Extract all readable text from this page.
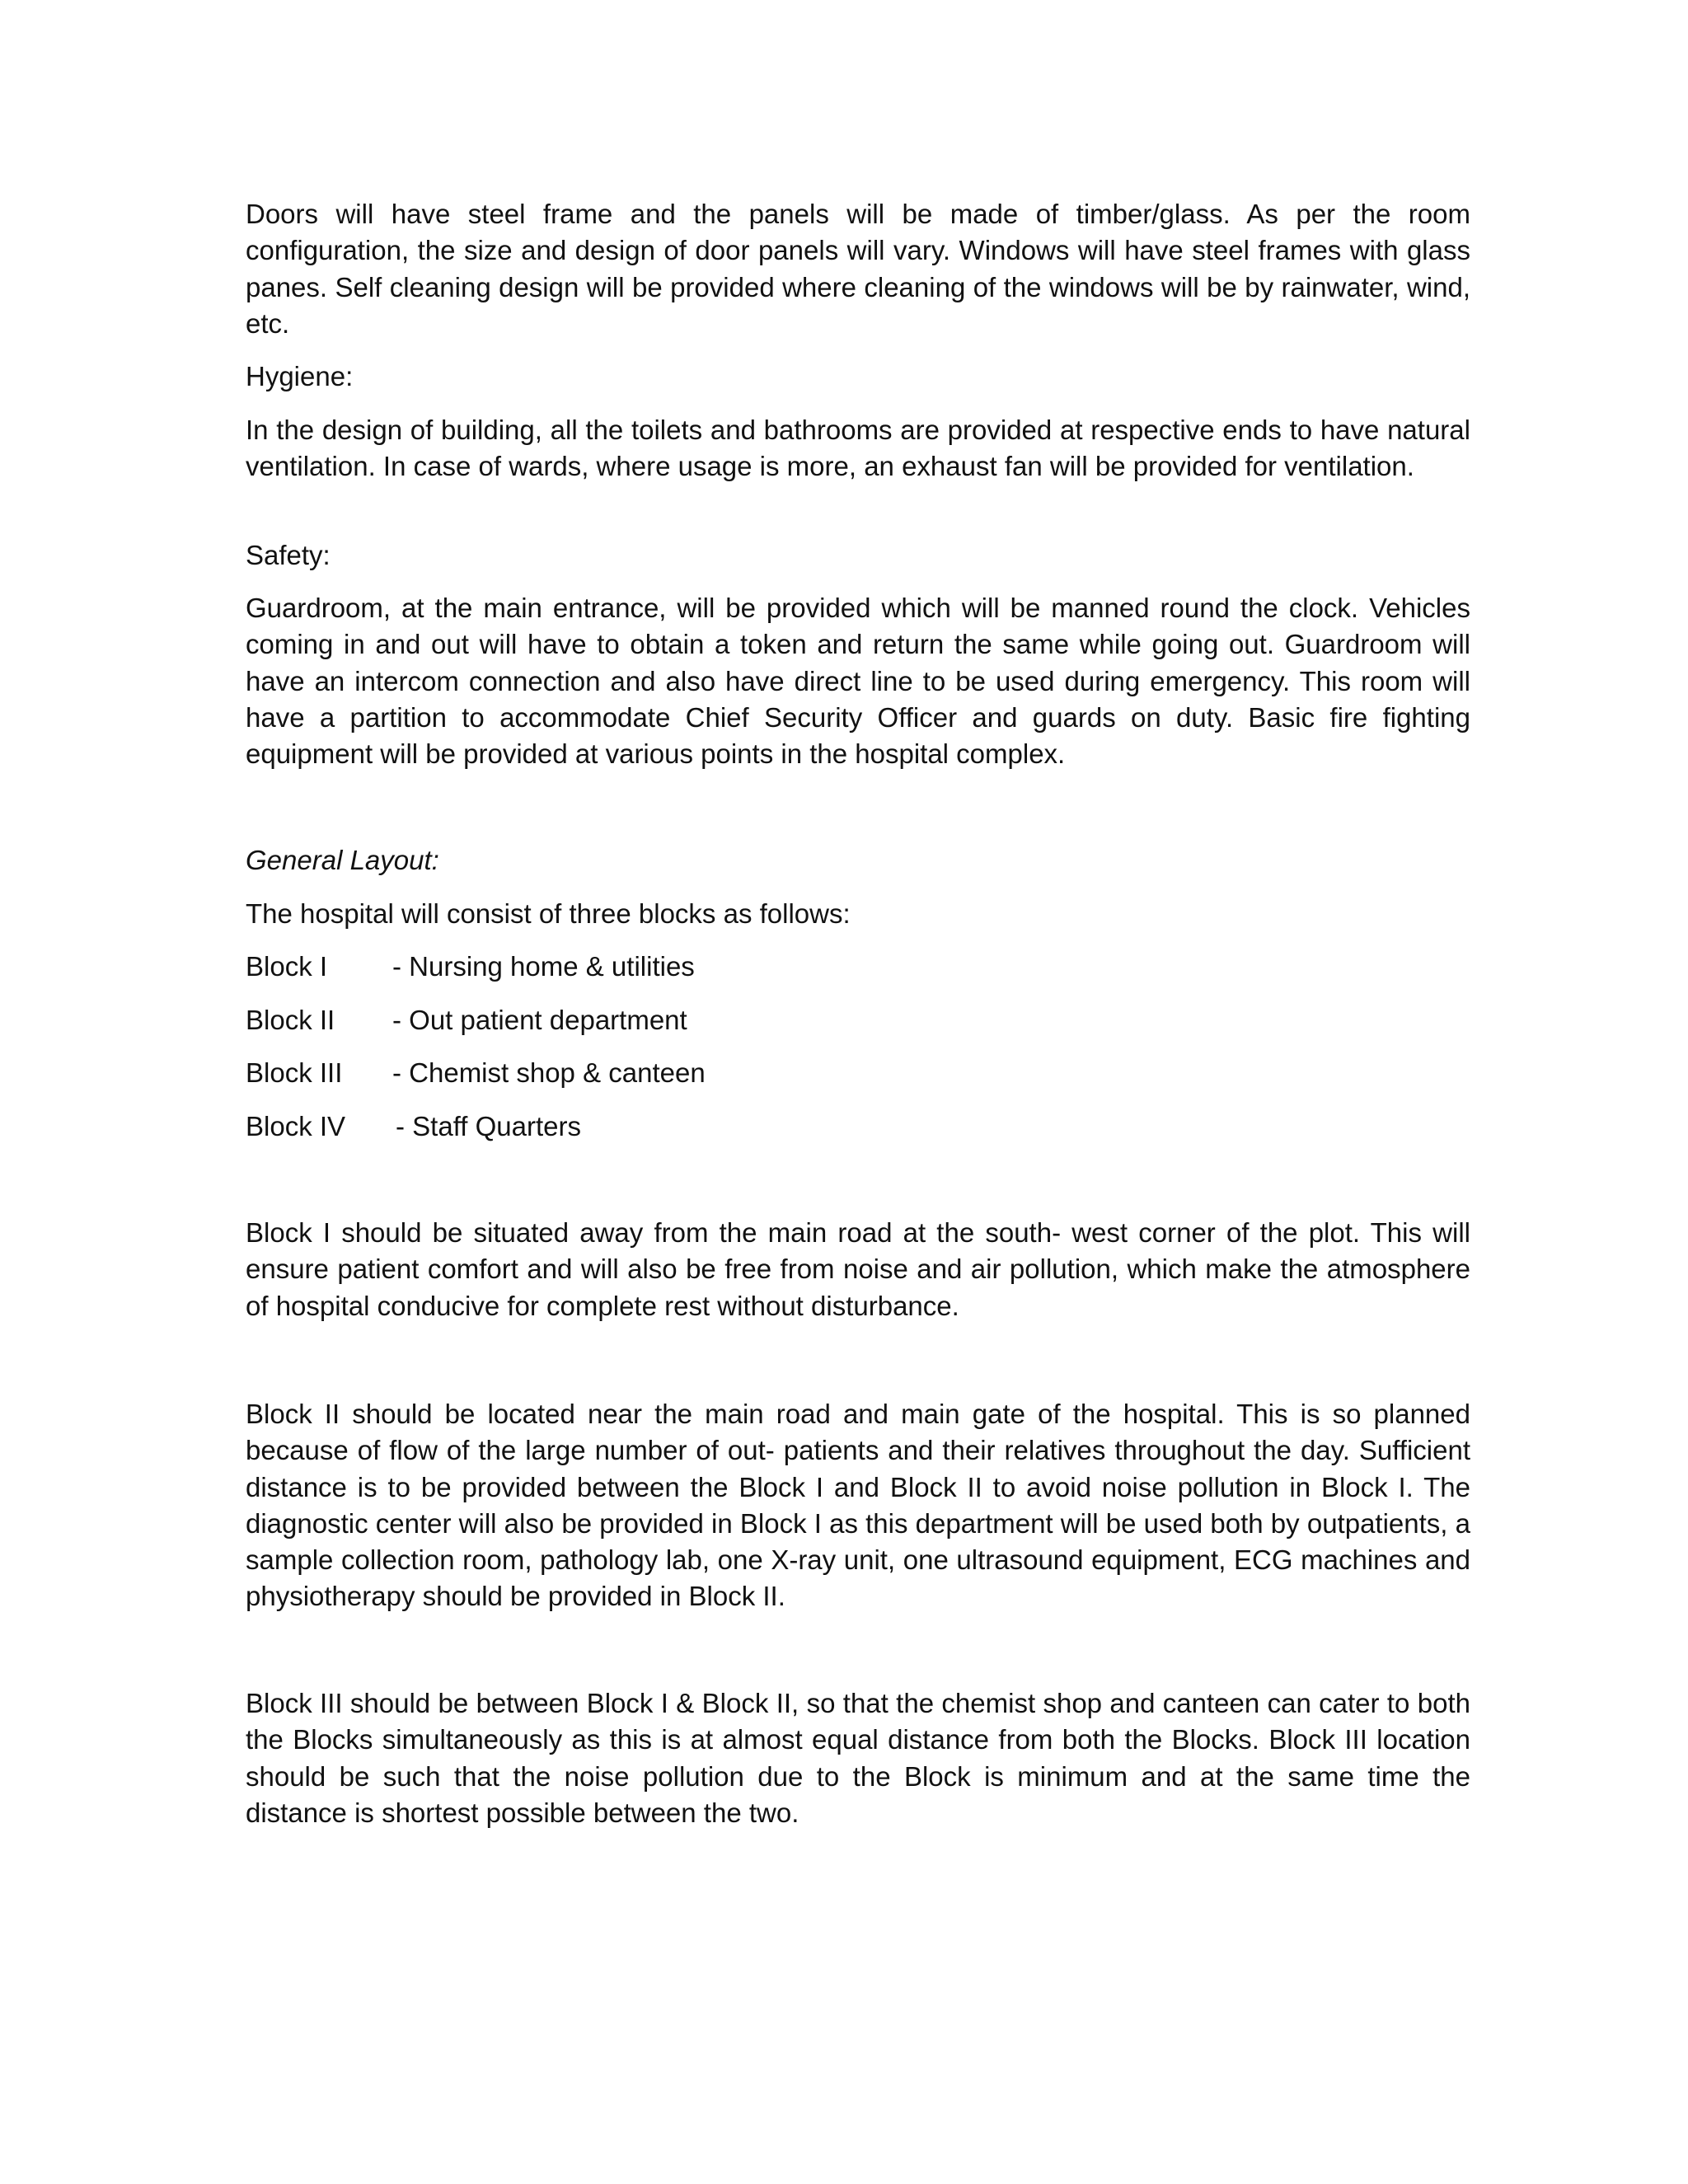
Doors will have steel frame and the panels will be made of timber/glass. As per the room configuration, the size and design of door panels will vary. Windows will have steel frames with glass panes. Self cleaning design will be provided where cleaning of the windows will be by rainwater, wind, etc.

Hygiene:

In the design of building, all the toilets and bathrooms are provided at respective ends to have natural ventilation. In case of wards, where usage is more, an exhaust fan will be provided for ventilation.

Safety:

Guardroom, at the main entrance, will be provided which will be manned round the clock. Vehicles coming in and out will have to obtain a token and return the same while going out. Guardroom will have an intercom connection and also have direct line to be used during emergency. This room will have a partition to accommodate Chief Security Officer and guards on duty. Basic fire fighting equipment will be provided at various points in the hospital complex.

General Layout:

The hospital will consist of three blocks as follows:

Block I - Nursing home & utilities
Block II - Out patient department
Block III - Chemist shop & canteen
Block IV - Staff Quarters

Block I should be situated away from the main road at the south- west corner of the plot. This will ensure patient comfort and will also be free from noise and air pollution, which make the atmosphere of hospital conducive for complete rest without disturbance.

Block II should be located near the main road and main gate of the hospital. This is so planned because of flow of the large number of out- patients and their relatives throughout the day. Sufficient distance is to be provided between the Block I and Block II to avoid noise pollution in Block I. The diagnostic center will also be provided in Block I as this department will be used both by outpatients, a sample collection room, pathology lab, one X-ray unit, one ultrasound equipment, ECG machines and physiotherapy should be provided in Block II.

Block III should be between Block I & Block II, so that the chemist shop and canteen can cater to both the Blocks simultaneously as this is at almost equal distance from both the Blocks. Block III location should be such that the noise pollution due to the Block is minimum and at the same time the distance is shortest possible between the two.
